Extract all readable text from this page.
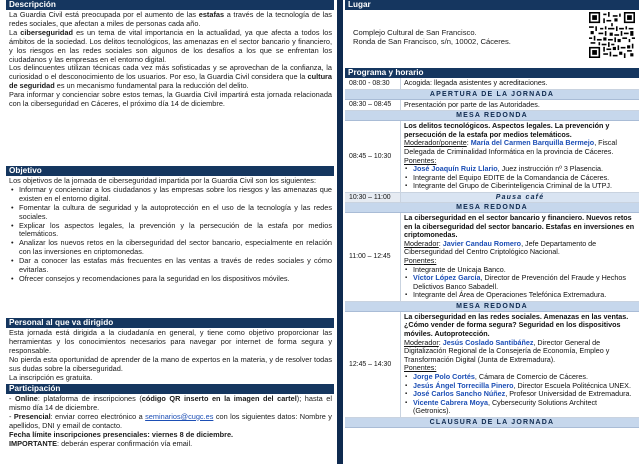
Descripción

La Guardia Civil está preocupada por el aumento de las estafas a través de la tecnología de las redes sociales, que afectan a miles de personas cada año.

La ciberseguridad es un tema de vital importancia en la actualidad, ya que afecta a todos los ámbitos de la sociedad. Los delitos tecnológicos, las amenazas en el sector bancario y financiero, y los riesgos en las redes sociales son algunos de los desafíos a los que se enfrentan los ciudadanos y las empresas en el entorno digital.

Los delincuentes utilizan técnicas cada vez más sofisticadas y se aprovechan de la confianza, la curiosidad o el desconocimiento de los usuarios. Por eso, la Guardia Civil considera que la cultura de seguridad es un mecanismo fundamental para la reducción del delito.

Para informar y concienciar sobre estos temas, la Guardia Civil impartirá esta jornada relacionada con la ciberseguridad en Cáceres, el próximo día 14 de diciembre.

Objetivo

Los objetivos de la jornada de ciberseguridad impartida por la Guardia Civil son los siguientes:

• Informar y concienciar a los ciudadanos y las empresas sobre los riesgos y las amenazas que existen en el entorno digital.
• Fomentar la cultura de seguridad y la autoprotección en el uso de la tecnología y las redes sociales.
• Explicar los aspectos legales, la prevención y la persecución de la estafa por medios telemáticos.
• Analizar los nuevos retos en la ciberseguridad del sector bancario, especialmente en relación con las inversiones en criptomonedas.
• Dar a conocer las estafas más frecuentes en las ventas a través de redes sociales y cómo evitarlas.
• Ofrecer consejos y recomendaciones para la seguridad en los dispositivos móviles.
Personal al que va dirigido

Esta jornada está dirigida a la ciudadanía en general, y tiene como objetivo proporcionar las herramientas y los conocimientos necesarios para navegar por internet de forma segura y responsable.

No pierda esta oportunidad de aprender de la mano de expertos en la materia, y de resolver todas sus dudas sobre la ciberseguridad.

La inscripción es gratuita.

Participación

- Online: plataforma de inscripciones (código QR inserto en la imagen del cartel); hasta el mismo día 14 de diciembre.

- Presencial: enviar correo electrónico a seminarios@cugc.es con los siguientes datos: Nombre y apellidos, DNI y email de contacto.

Fecha límite inscripciones presenciales: viernes 8 de diciembre.

IMPORTANTE: deberán esperar confirmación vía email.

Lugar
Complejo Cultural de San Francisco.
Ronda de San Francisco, s/n, 10002, Cáceres.
Programa y horario
08:00 - 08:30	Acogida: llegada asistentes y acreditaciones.
APERTURA DE LA JORNADA
08:30 – 08:45	Presentación por parte de las Autoridades.
MESA REDONDA
08:45 – 10:30
Los delitos tecnológicos. Aspectos legales. La prevención y persecución de la estafa por medios telemáticos.
Moderador/ponente: María del Carmen Barquilla Bermejo, Fiscal Delegada de Criminalidad Informática en la provincia de Cáceres.
Ponentes:
▪ José Joaquín Ruiz Llario, Juez instrucción nº 3 Plasencia.
▪ Integrante del Equipo EDITE de la Comandancia de Cáceres.
▪ Integrante del Grupo de Ciberinteligencia Criminal de la UTPJ.
10:30 – 11:00	Pausa café
MESA REDONDA
11:00 – 12:45
La ciberseguridad en el sector bancario y financiero. Nuevos retos en la ciberseguridad del sector bancario. Estafas en inversiones en criptomonedas.
Moderador: Javier Candau Romero, Jefe Departamento de Ciberseguridad del Centro Criptológico Nacional.
Ponentes:
▪ Integrante de Unicaja Banco.
▪ Víctor López García, Director de Prevención del Fraude y Hechos Delictivos Banco Sabadell.
▪ Integrante del Área de Operaciones Telefónica Extremadura.
MESA REDONDA
12:45 – 14:30
La ciberseguridad en las redes sociales. Amenazas en las ventas. ¿Cómo vender de forma segura? Seguridad en los dispositivos móviles. Autoprotección.
Moderador: Jesús Coslado Santibáñez, Director General de Digitalización Regional de la Consejería de Economía, Empleo y Transformación Digital (Junta de Extremadura).
Ponentes:
▪ Jorge Polo Cortés, Cámara de Comercio de Cáceres.
▪ Jesús Ángel Torrecilla Pinero, Director Escuela Politécnica UNEX.
▪ José Carlos Sancho Núñez, Profesor Universidad de Extremadura.
▪ Vicente Cabrera Moya, Cybersecurity Solutions Architect (Getronics).
CLAUSURA DE LA JORNADA
